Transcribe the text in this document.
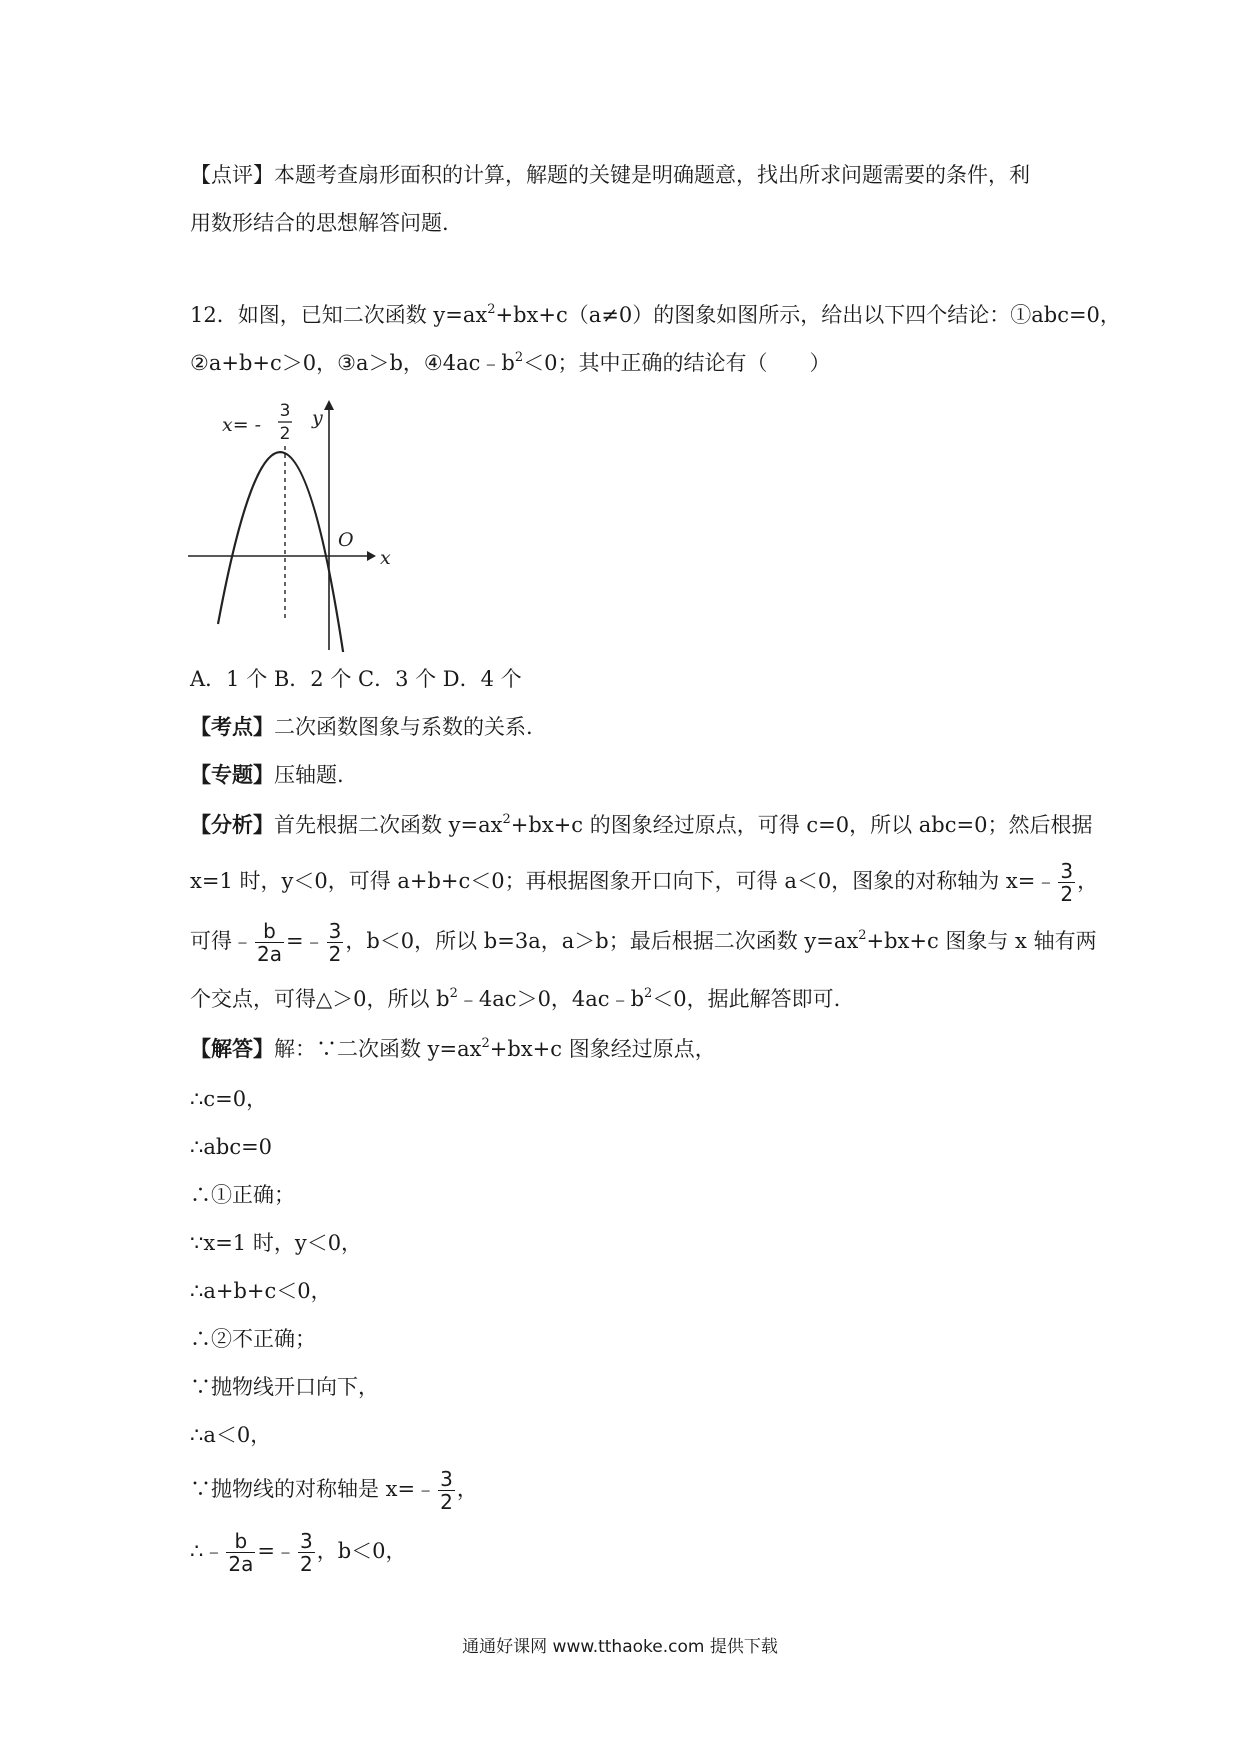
【点评】本题考查扇形面积的计算，解题的关键是明确题意，找出所求问题需要的条件，利
用数形结合的思想解答问题.
12．如图，已知二次函数 $y=ax^2+bx+c(a\ne 0)$的图象如图所示，给出以下四个结论：①abc=0，
②a+b+c＞0，③a＞b，$④4ac﹣b^2<0$；其中正确的结论有（　　）
x= -
3
2
y
x
O
A．1 个 B．2 个 C．3 个 D．4 个
【考点】二次函数图象与系数的关系.
【专题】压轴题.
【分析】首先根据二次函数 $y=ax^2+bx+c$ 的图象经过原点，可得 c=0，所以 abc=0；然后根据
x=1 时，y＜0，可得 a+b+c＜0；再根据图象开口向下，可得 a＜0，图象的对称轴为 x=﹣ $\frac{3}{2}$ ，
可得﹣ $\frac{b}{2a}$ =﹣ $\frac{3}{2}$ ，b＜0，所以 b=3a，a＞b；最后根据二次函数 $y=ax^2+bx+c$ 图象与 x 轴有两
个交点，可得△＞0，所以 $b^2﹣4ac>0$，$4ac﹣b^2<0$，据此解答即可.
【解答】解：∵二次函数 $y=ax^2+bx+c$ 图象经过原点，
∴c=0，
∴abc=0
∴①正确；
∵x=1 时，y＜0，
∴a+b+c＜0，
∴②不正确；
∵抛物线开口向下，
∴a＜0，
∵抛物线的对称轴是 x=﹣ $\frac{3}{2}$ ，
∴﹣ $\frac{b}{2a}$ =﹣ $\frac{3}{2}$ ，b＜0，
通通好课网 www.tthaoke.com 提供下载
